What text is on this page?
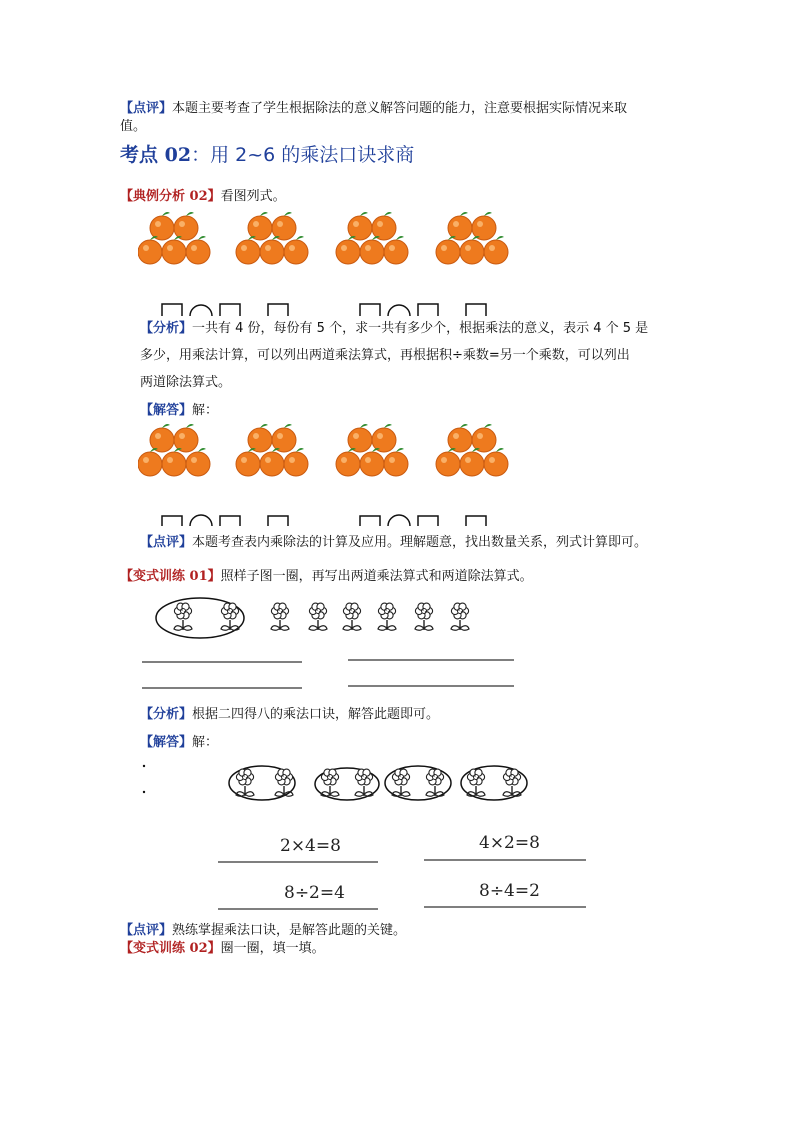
【点评】本题主要考查了学生根据除法的意义解答问题的能力，注意要根据实际情况来取
值。
考点 02：用 2~6 的乘法口诀求商
【典例分析 02】看图列式。
【分析】一共有 4 份，每份有 5 个，求一共有多少个，根据乘法的意义，表示 4 个 5 是
多少，用乘法计算，可以列出两道乘法算式，再根据积÷乘数=另一个乘数，可以列出
两道除法算式。
【解答】解：
【点评】本题考查表内乘除法的计算及应用。理解题意，找出数量关系，列式计算即可。
【变式训练 01】照样子图一圈，再写出两道乘法算式和两道除法算式。
【分析】根据二四得八的乘法口诀，解答此题即可。
【解答】解：
2×4=8	4×2=8
8÷2=4	8÷4=2
【点评】熟练掌握乘法口诀，是解答此题的关键。
【变式训练 02】圈一圈，填一填。
